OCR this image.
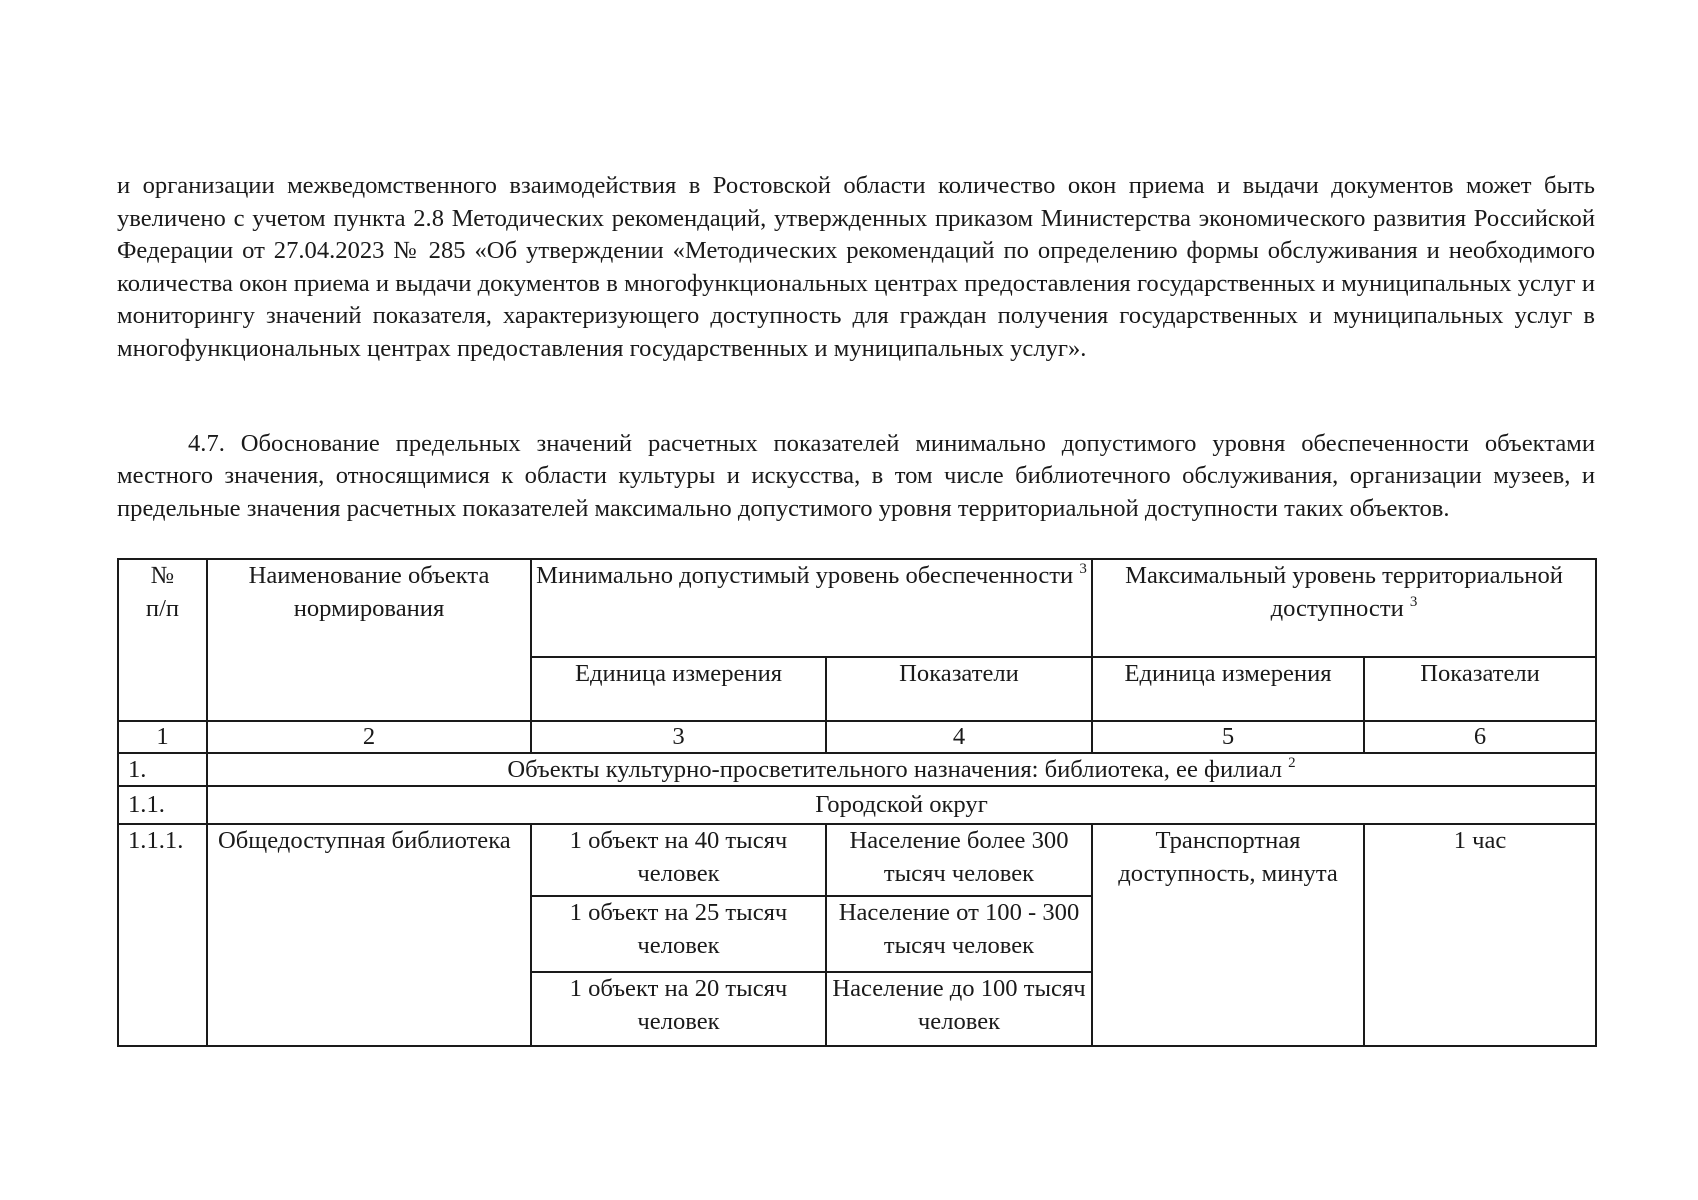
и организации межведомственного взаимодействия в Ростовской области количество окон приема и выдачи документов может быть увеличено с учетом пункта 2.8 Методических рекомендаций, утвержденных приказом Министерства экономического развития Российской Федерации от 27.04.2023 № 285 «Об утверждении «Методических рекомендаций по определению формы обслуживания и необходимого количества окон приема и выдачи документов в многофункциональных центрах предоставления государственных и муниципальных услуг и мониторингу значений показателя, характеризующего доступность для граждан получения государственных и муниципальных услуг в многофункциональных центрах предоставления государственных и муниципальных услуг».

4.7. Обоснование предельных значений расчетных показателей минимально допустимого уровня обеспеченности объектами местного значения, относящимися к области культуры и искусства, в том числе библиотечного обслуживания, организации музеев, и предельные значения расчетных показателей максимально допустимого уровня территориальной доступности таких объектов.

№
п/п	Наименование объекта нормирования	Минимально допустимый уровень обеспеченности $^3$		Максимальный уровень территориальной доступности $^3$
		Единица измерения	Показатели	Единица измерения	Показатели
1	2	3	4	5	6
1.	Объекты культурно-просветительного назначения: библиотека, ее филиал $^2$
1.1.	Городской округ				
1.1.1.	Общедоступная библиотека	1 объект на 40 тысяч человек	Население более 300 тысяч человек	Транспортная доступность, минута	1 час
		1 объект на 25 тысяч человек	Население от 100 - 300 тысяч человек		
		1 объект на 20 тысяч человек	Население до 100 тысяч человек		
